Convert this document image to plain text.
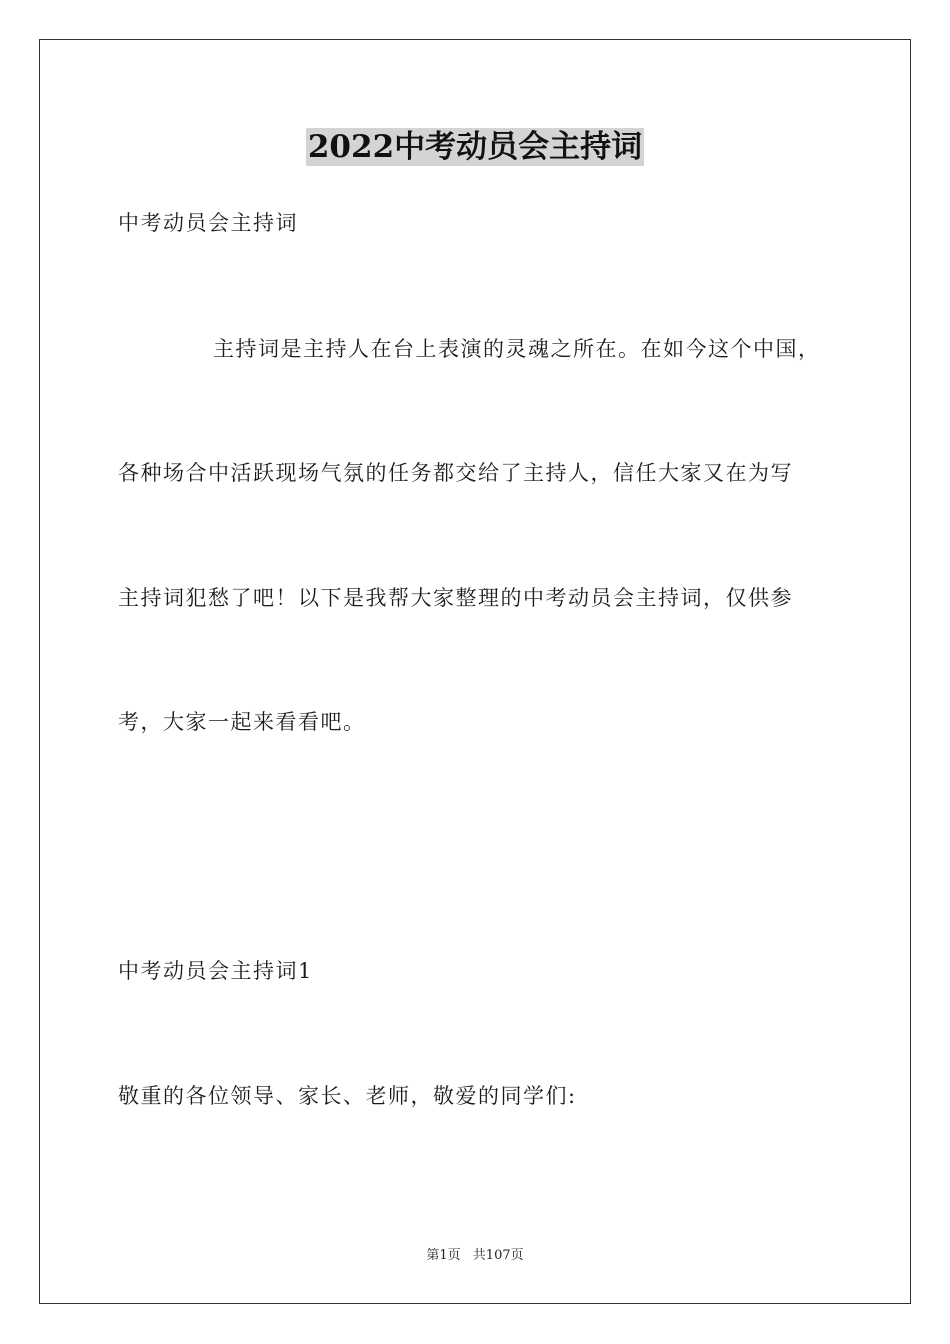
2022中考动员会主持词
中考动员会主持词
主持词是主持人在台上表演的灵魂之所在。在如今这个中国，
各种场合中活跃现场气氛的任务都交给了主持人，信任大家又在为写
主持词犯愁了吧！以下是我帮大家整理的中考动员会主持词，仅供参
考，大家一起来看看吧。
中考动员会主持词1
敬重的各位领导、家长、老师，敬爱的同学们:
第1页 共107页
